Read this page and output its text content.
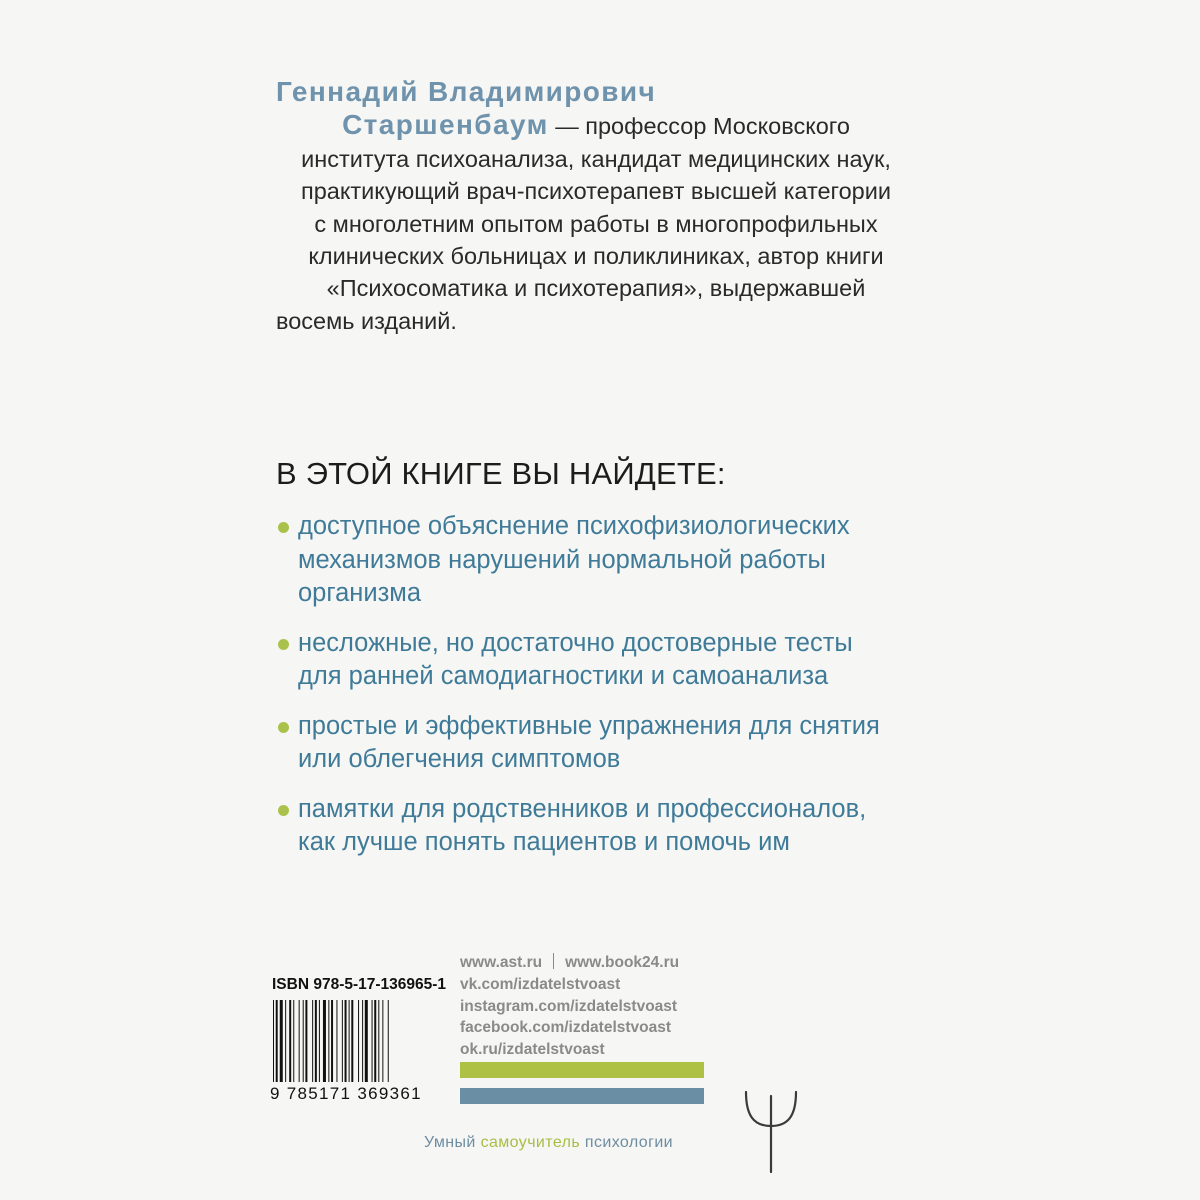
Геннадий Владимирович
Старшенбаум — профессор Московского
института психоанализа, кандидат медицинских наук,
практикующий врач-психотерапевт высшей категории
с многолетним опытом работы в многопрофильных
клинических больницах и поликлиниках, автор книги
«Психосоматика и психотерапия», выдержавшей
восемь изданий.
В ЭТОЙ КНИГЕ ВЫ НАЙДЕТЕ:
доступное объяснение психофизиологических
механизмов нарушений нормальной работы
организма
несложные, но достаточно достоверные тесты
для ранней самодиагностики и самоанализа
простые и эффективные упражнения для снятия
или облегчения симптомов
памятки для родственников и профессионалов,
как лучше понять пациентов и помочь им
ISBN 978-5-17-136965-1
9 785171 369361
www.ast.ru www.book24.ru
vk.com/izdatelstvoast
instagram.com/izdatelstvoast
facebook.com/izdatelstvoast
ok.ru/izdatelstvoast
Умный самоучитель психологии
